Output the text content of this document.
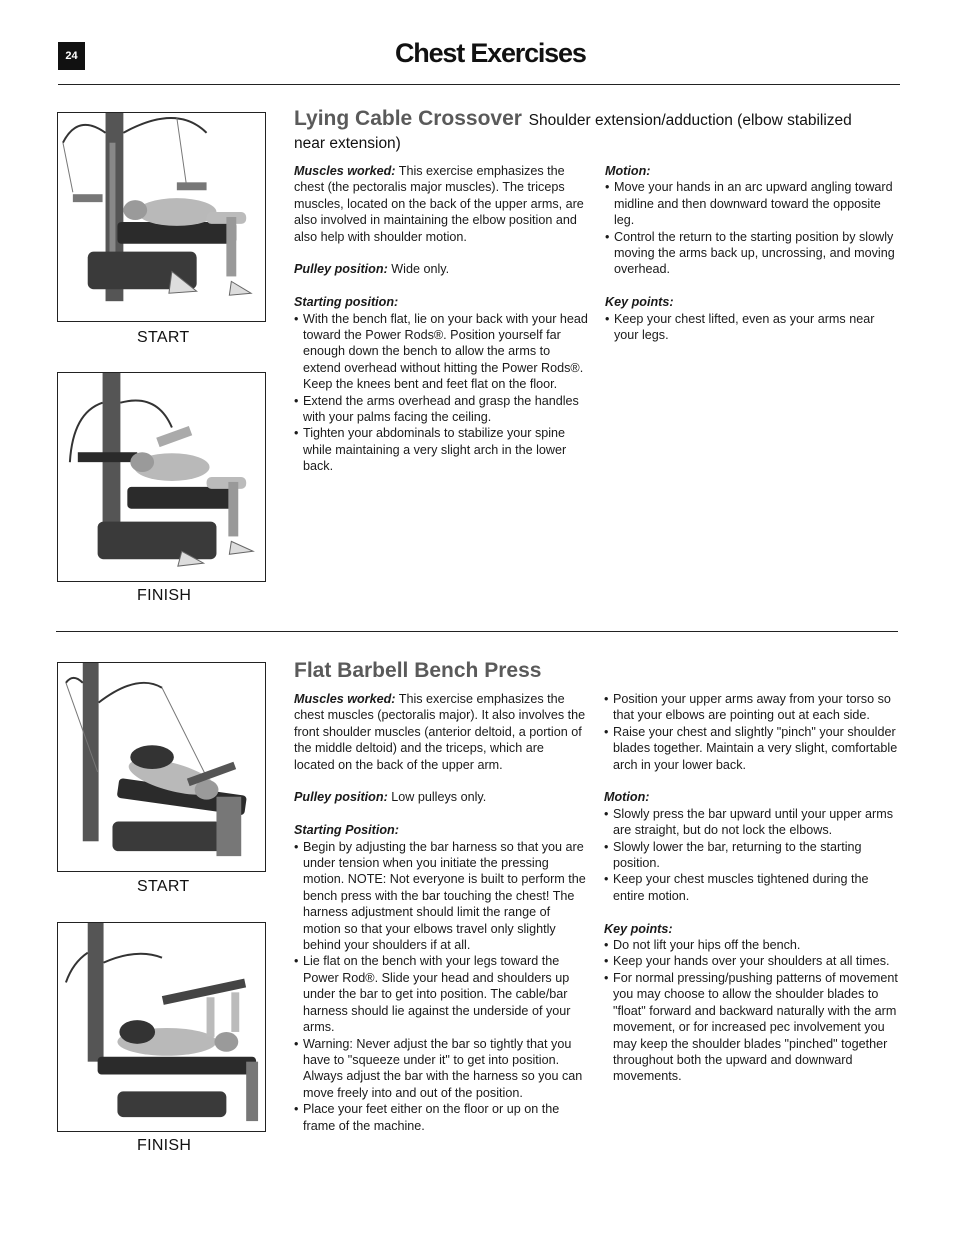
24	Chest Exercises
START
FINISH
Lying Cable Crossover Shoulder extension/adduction (elbow stabilized near extension)

Muscles worked: This exercise emphasizes the chest (the pectoralis major muscles). The triceps muscles, located on the back of the upper arms, are also involved in maintaining the elbow position and also help with shoulder motion.

Pulley position: Wide only.

Starting position:

• With the bench flat, lie on your back with your head toward the Power Rods®. Position yourself far enough down the bench to allow the arms to extend overhead without hitting the Power Rods®. Keep the knees bent and feet flat on the floor.
• Extend the arms overhead and grasp the handles with your palms facing the ceiling.
• Tighten your abdominals to stabilize your spine while maintaining a very slight arch in the lower back.

Motion:

• Move your hands in an arc upward angling toward midline and then downward toward the opposite leg.
• Control the return to the starting position by slowly moving the arms back up, uncrossing, and moving overhead.

Key points:

• Keep your chest lifted, even as your arms near your legs.
START
FINISH
Flat Barbell Bench Press

Muscles worked: This exercise emphasizes the chest muscles (pectoralis major). It also involves the front shoulder muscles (anterior deltoid, a portion of the middle deltoid) and the triceps, which are located on the back of the upper arm.

Pulley position: Low pulleys only.

Starting Position:

• Begin by adjusting the bar harness so that you are under tension when you initiate the pressing motion. NOTE: Not everyone is built to perform the bench press with the bar touching the chest! The harness adjustment should limit the range of motion so that your elbows travel only slightly behind your shoulders if at all.
• Lie flat on the bench with your legs toward the Power Rod®. Slide your head and shoulders up under the bar to get into position. The cable/bar harness should lie against the underside of your arms.
• Warning: Never adjust the bar so tightly that you have to "squeeze under it" to get into position. Always adjust the bar with the harness so you can move freely into and out of the position.
• Place your feet either on the floor or up on the frame of the machine.
• Position your upper arms away from your torso so that your elbows are pointing out at each side.
• Raise your chest and slightly "pinch" your shoulder blades together. Maintain a very slight, comfortable arch in your lower back.

Motion:

• Slowly press the bar upward until your upper arms are straight, but do not lock the elbows.
• Slowly lower the bar, returning to the starting position.
• Keep your chest muscles tightened during the entire motion.

Key points:

• Do not lift your hips off the bench.
• Keep your hands over your shoulders at all times.
• For normal pressing/pushing patterns of movement you may choose to allow the shoulder blades to "float" forward and backward naturally with the arm movement, or for increased pec involvement you may keep the shoulder blades "pinched" together throughout both the upward and downward movements.
